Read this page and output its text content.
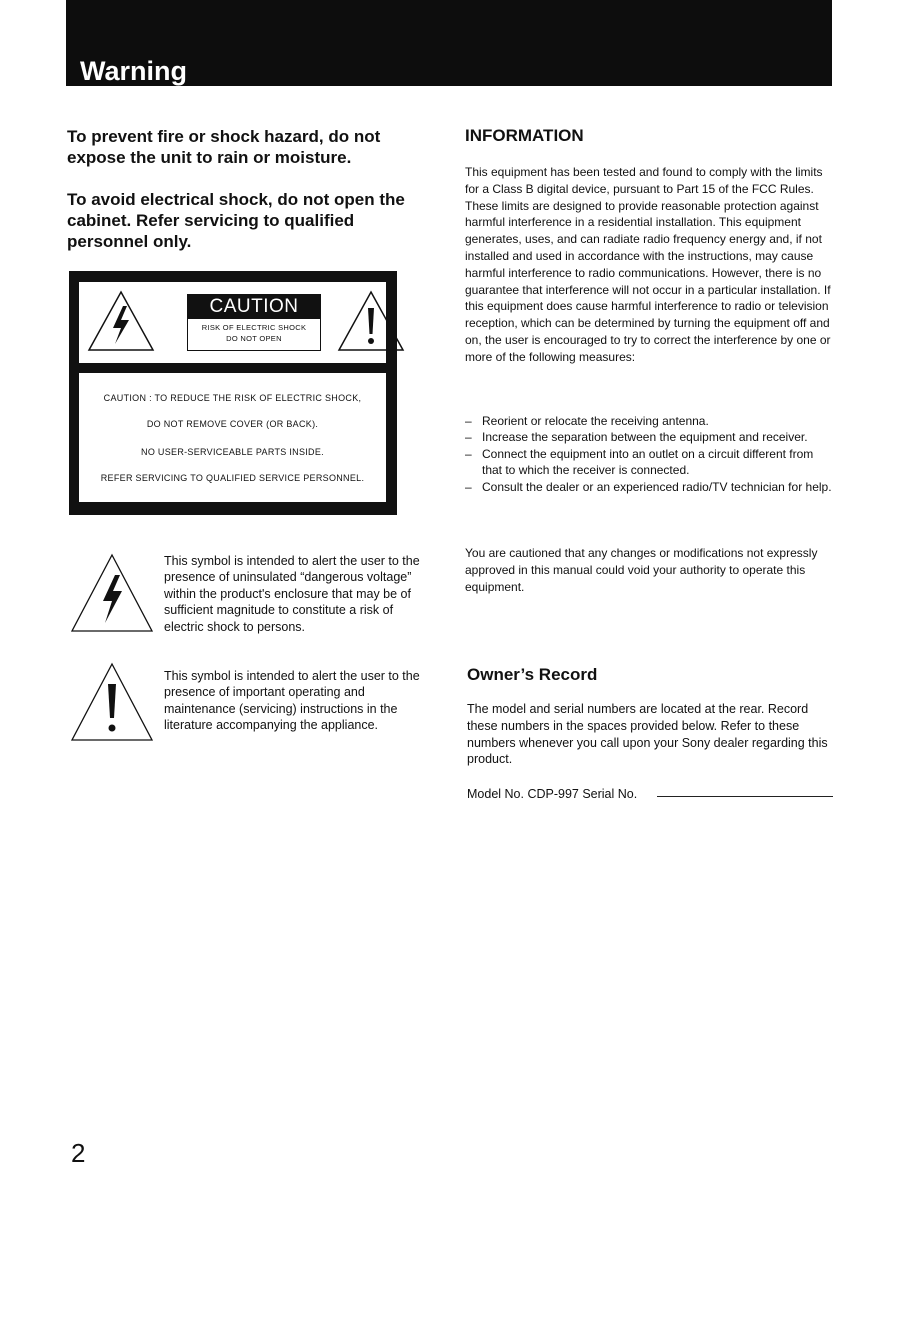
Warning
To prevent fire or shock hazard, do not expose the unit to rain or moisture.
To avoid electrical shock, do not open the cabinet. Refer servicing to qualified personnel only.
CAUTION
RISK OF ELECTRIC SHOCK
DO NOT OPEN
CAUTION : TO REDUCE THE RISK OF ELECTRIC SHOCK,
DO NOT REMOVE COVER (OR BACK).
NO USER-SERVICEABLE PARTS INSIDE.
REFER SERVICING TO QUALIFIED SERVICE PERSONNEL.
This symbol is intended to alert the user to the presence of uninsulated “dangerous voltage” within the product's enclosure that may be of sufficient magnitude to constitute a risk of electric shock to persons.
This symbol is intended to alert the user to the presence of important operating and maintenance (servicing) instructions in the literature accompanying the appliance.
INFORMATION
This equipment has been tested and found to comply with the limits for a Class B digital device, pursuant to Part 15 of the FCC Rules. These limits are designed to provide reasonable protection against harmful interference in a residential installation. This equipment generates, uses, and can radiate radio frequency energy and, if not installed and used in accordance with the instructions, may cause harmful interference to radio communications. However, there is no guarantee that interference will not occur in a particular installation. If this equipment does cause harmful interference to radio or television reception, which can be determined by turning the equipment off and on, the user is encouraged to try to correct the interference by one or more of the following measures:
– Reorient or relocate the receiving antenna.
– Increase the separation between the equipment and receiver.
– Connect the equipment into an outlet on a circuit different from that to which the receiver is connected.
– Consult the dealer or an experienced radio/TV technician for help.
You are cautioned that any changes or modifications not expressly approved in this manual could void your authority to operate this equipment.
Owner’s Record
The model and serial numbers are located at the rear. Record these numbers in the spaces provided below. Refer to these numbers whenever you call upon your Sony dealer regarding this product.
Model No. CDP-997 Serial No.
2
